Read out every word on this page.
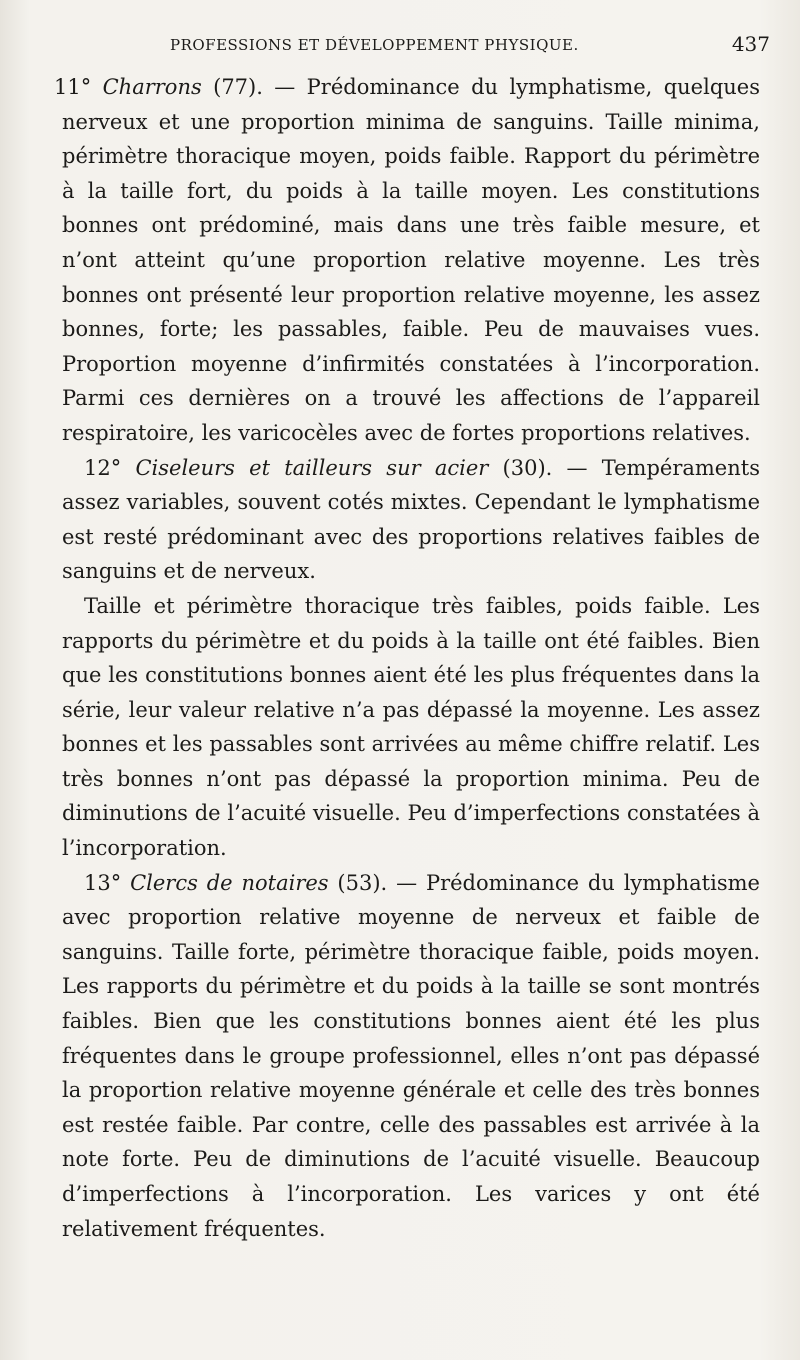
PROFESSIONS ET DÉVELOPPEMENT PHYSIQUE.	437

11° Charrons (77). — Prédominance du lymphatisme, quelques nerveux et une proportion minima de sanguins. Taille minima, périmètre thoracique moyen, poids faible. Rapport du périmètre à la taille fort, du poids à la taille moyen. Les constitutions bonnes ont prédominé, mais dans une très faible mesure, et n’ont atteint qu’une proportion relative moyenne. Les très bonnes ont présenté leur proportion relative moyenne, les assez bonnes, forte; les passables, faible. Peu de mauvaises vues. Proportion moyenne d’infirmités constatées à l’incorporation. Parmi ces dernières on a trouvé les affections de l’appareil respiratoire, les varicocèles avec de fortes proportions relatives.

12° Ciseleurs et tailleurs sur acier (30). — Tempéraments assez variables, souvent cotés mixtes. Cependant le lymphatisme est resté prédominant avec des proportions relatives faibles de sanguins et de nerveux.

Taille et périmètre thoracique très faibles, poids faible. Les rapports du périmètre et du poids à la taille ont été faibles. Bien que les constitutions bonnes aient été les plus fréquentes dans la série, leur valeur relative n’a pas dépassé la moyenne. Les assez bonnes et les passables sont arrivées au même chiffre relatif. Les très bonnes n’ont pas dépassé la proportion minima. Peu de diminutions de l’acuité visuelle. Peu d’imperfections constatées à l’incorporation.

13° Clercs de notaires (53). — Prédominance du lymphatisme avec proportion relative moyenne de nerveux et faible de sanguins. Taille forte, périmètre thoracique faible, poids moyen. Les rapports du périmètre et du poids à la taille se sont montrés faibles. Bien que les constitutions bonnes aient été les plus fréquentes dans le groupe professionnel, elles n’ont pas dépassé la proportion relative moyenne générale et celle des très bonnes est restée faible. Par contre, celle des passables est arrivée à la note forte. Peu de diminutions de l’acuité visuelle. Beaucoup d’imperfections à l’incorporation. Les varices y ont été relativement fréquentes.
